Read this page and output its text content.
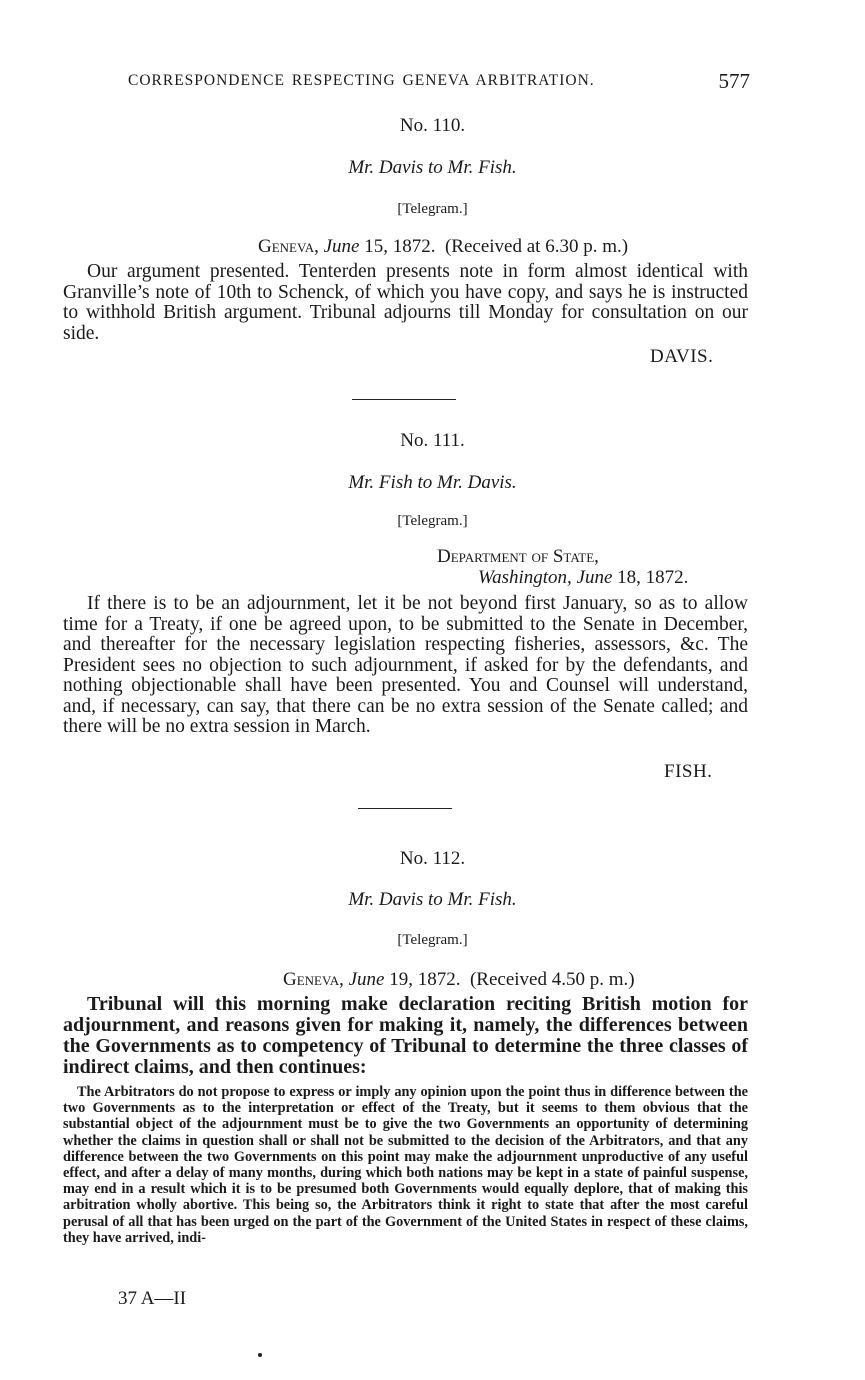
CORRESPONDENCE RESPECTING GENEVA ARBITRATION.	577
No. 110.
Mr. Davis to Mr. Fish.
[Telegram.]
Geneva, June 15, 1872. (Received at 6.30 p. m.)
Our argument presented. Tenterden presents note in form almost identical with Granville’s note of 10th to Schenck, of which you have copy, and says he is instructed to withhold British argument. Tribunal adjourns till Monday for consultation on our side.
DAVIS.
No. 111.
Mr. Fish to Mr. Davis.
[Telegram.]
Department of State,
Washington, June 18, 1872.
If there is to be an adjournment, let it be not beyond first January, so as to allow time for a Treaty, if one be agreed upon, to be submitted to the Senate in December, and thereafter for the necessary legislation respecting fisheries, assessors, &c. The President sees no objection to such adjournment, if asked for by the defendants, and nothing objectionable shall have been presented. You and Counsel will understand, and, if necessary, can say, that there can be no extra session of the Senate called; and there will be no extra session in March.
FISH.
No. 112.
Mr. Davis to Mr. Fish.
[Telegram.]
Geneva, June 19, 1872. (Received 4.50 p. m.)
Tribunal will this morning make declaration reciting British motion for adjournment, and reasons given for making it, namely, the differences between the Governments as to competency of Tribunal to determine the three classes of indirect claims, and then continues:
The Arbitrators do not propose to express or imply any opinion upon the point thus in difference between the two Governments as to the interpretation or effect of the Treaty, but it seems to them obvious that the substantial object of the adjournment must be to give the two Governments an opportunity of determining whether the claims in question shall or shall not be submitted to the decision of the Arbitrators, and that any difference between the two Governments on this point may make the adjournment unproductive of any useful effect, and after a delay of many months, during which both nations may be kept in a state of painful suspense, may end in a result which it is to be presumed both Governments would equally deplore, that of making this arbitration wholly abortive. This being so, the Arbitrators think it right to state that after the most careful perusal of all that has been urged on the part of the Government of the United States in respect of these claims, they have arrived, indi-
37 A—II
